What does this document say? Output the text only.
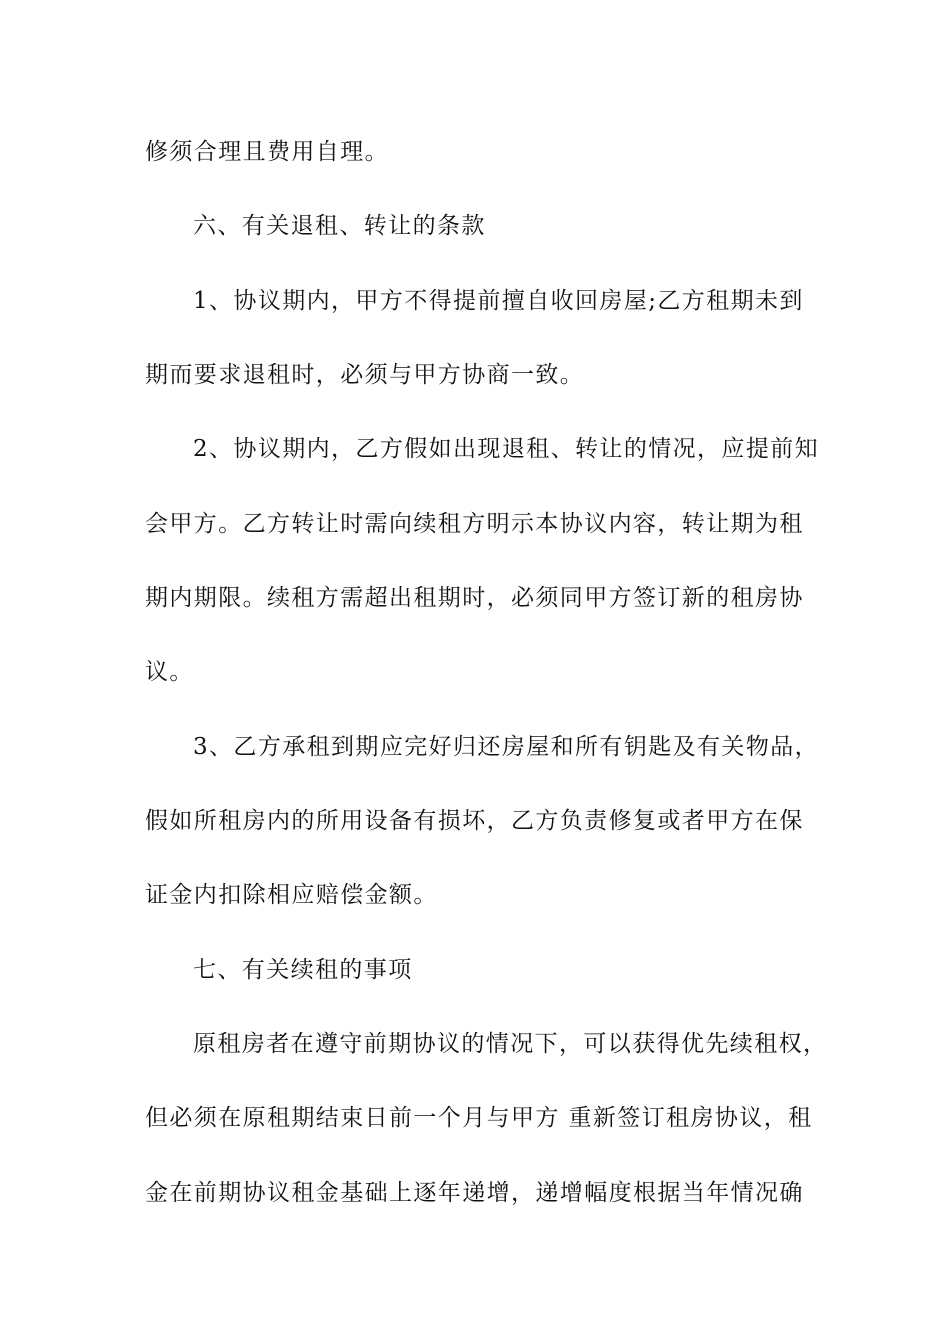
修须合理且费用自理。
六、有关退租、转让的条款
1、协议期内，甲方不得提前擅自收回房屋;乙方租期未到
期而要求退租时，必须与甲方协商一致。
2、协议期内，乙方假如出现退租、转让的情况，应提前知
会甲方。乙方转让时需向续租方明示本协议内容，转让期为租
期内期限。续租方需超出租期时，必须同甲方签订新的租房协
议。
3、乙方承租到期应完好归还房屋和所有钥匙及有关物品，
假如所租房内的所用设备有损坏，乙方负责修复或者甲方在保
证金内扣除相应赔偿金额。
七、有关续租的事项
原租房者在遵守前期协议的情况下，可以获得优先续租权，
但必须在原租期结束日前一个月与甲方 重新签订租房协议，租
金在前期协议租金基础上逐年递增，递增幅度根据当年情况确
